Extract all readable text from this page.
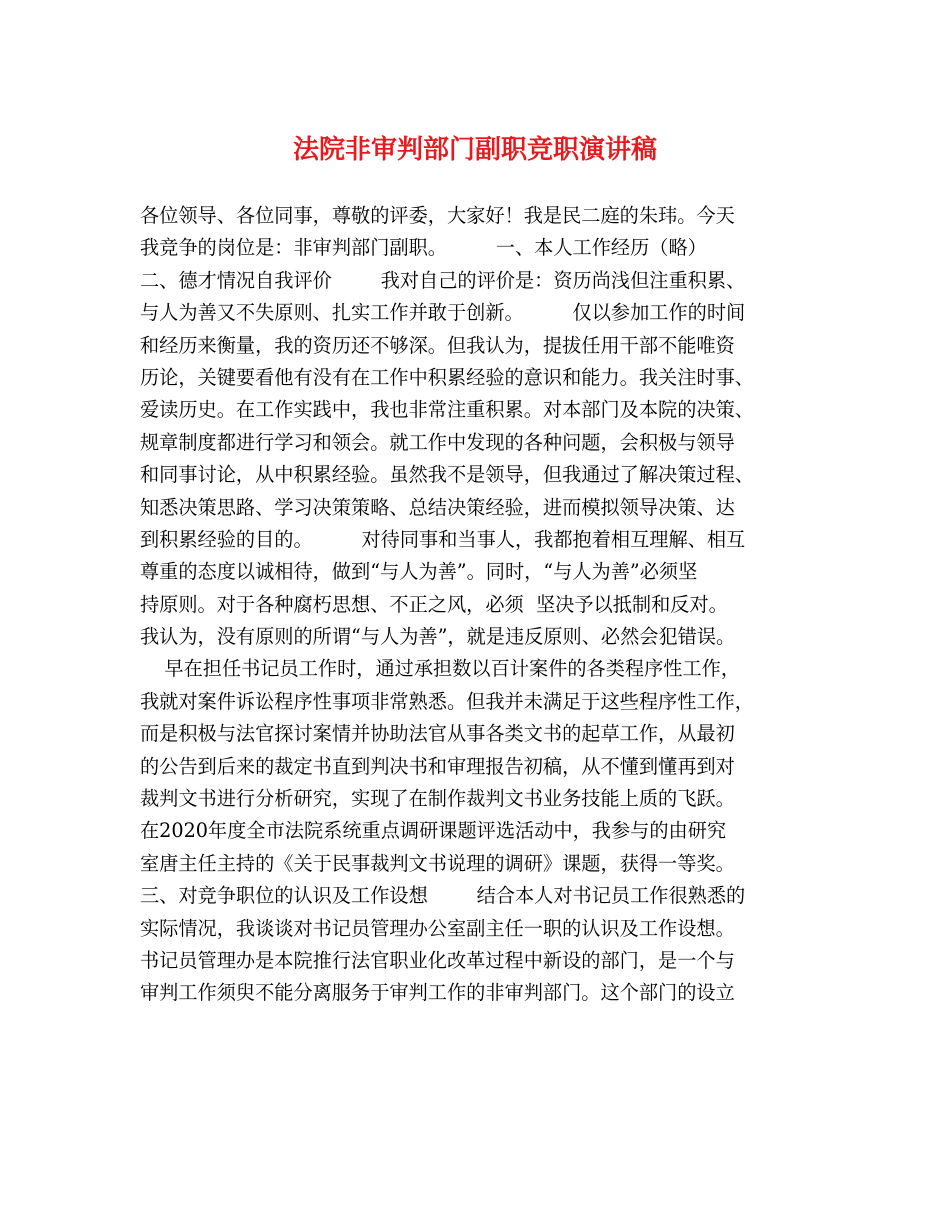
法院非审判部门副职竞职演讲稿
各位领导、各位同事，尊敬的评委，大家好！我是民二庭的朱玮。今天
我竞争的岗位是：非审判部门副职。        一、本人工作经历（略）
二、德才情况自我评价        我对自己的评价是：资历尚浅但注重积累、
与人为善又不失原则、扎实工作并敢于创新。        仅以参加工作的时间
和经历来衡量，我的资历还不够深。但我认为，提拔任用干部不能唯资
历论，关键要看他有没有在工作中积累经验的意识和能力。我关注时事、
爱读历史。在工作实践中，我也非常注重积累。对本部门及本院的决策、
规章制度都进行学习和领会。就工作中发现的各种问题，会积极与领导
和同事讨论，从中积累经验。虽然我不是领导，但我通过了解决策过程、
知悉决策思路、学习决策策略、总结决策经验，进而模拟领导决策、达
到积累经验的目的。        对待同事和当事人，我都抱着相互理解、相互
尊重的态度以诚相待，做到“与人为善”。同时，“与人为善”必须坚
持原则。对于各种腐朽思想、不正之风，必须  坚决予以抵制和反对。
我认为，没有原则的所谓“与人为善”，就是违反原则、必然会犯错误。
早在担任书记员工作时，通过承担数以百计案件的各类程序性工作，
我就对案件诉讼程序性事项非常熟悉。但我并未满足于这些程序性工作，
而是积极与法官探讨案情并协助法官从事各类文书的起草工作，从最初
的公告到后来的裁定书直到判决书和审理报告初稿，从不懂到懂再到对
裁判文书进行分析研究，实现了在制作裁判文书业务技能上质的飞跃。
在2020年度全市法院系统重点调研课题评选活动中，我参与的由研究
室唐主任主持的《关于民事裁判文书说理的调研》课题，获得一等奖。
三、对竞争职位的认识及工作设想        结合本人对书记员工作很熟悉的
实际情况，我谈谈对书记员管理办公室副主任一职的认识及工作设想。
书记员管理办是本院推行法官职业化改革过程中新设的部门，是一个与
审判工作须臾不能分离服务于审判工作的非审判部门。这个部门的设立
